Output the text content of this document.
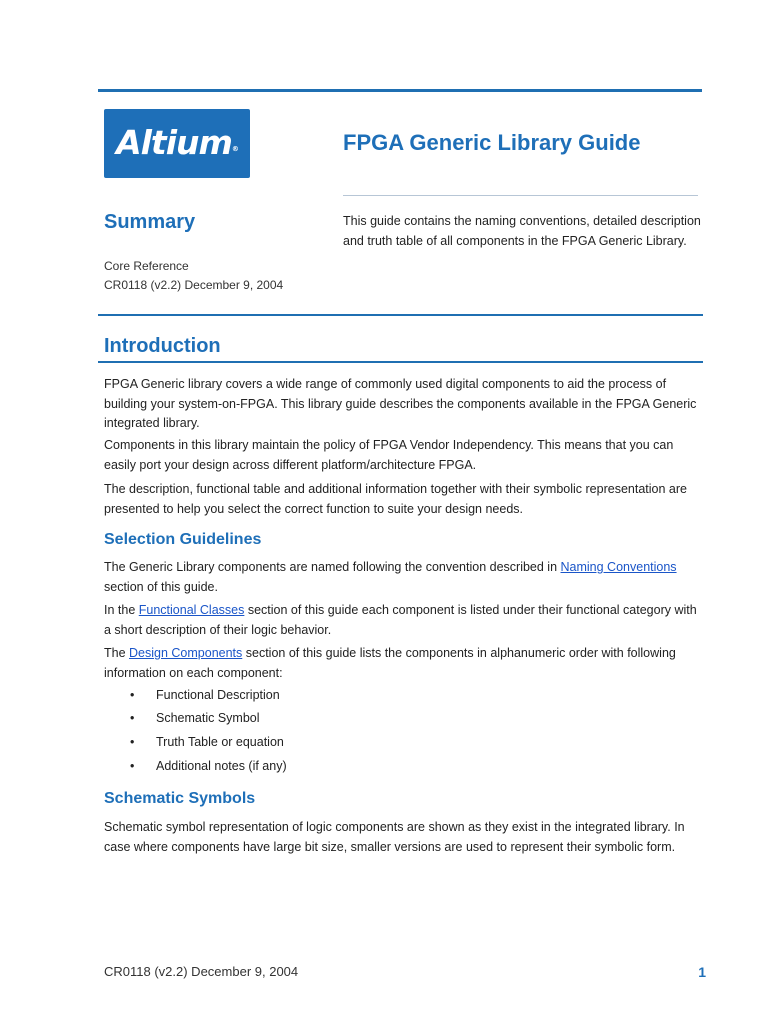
Altium®	FPGA Generic Library Guide
Summary
Core Reference
CR0118 (v2.2) December 9, 2004
This guide contains the naming conventions, detailed description and truth table of all components in the FPGA Generic Library.
Introduction
FPGA Generic library covers a wide range of commonly used digital components to aid the process of building your system-on-FPGA. This library guide describes the components available in the FPGA Generic integrated library.
Components in this library maintain the policy of FPGA Vendor Independency. This means that you can easily port your design across different platform/architecture FPGA.
The description, functional table and additional information together with their symbolic representation are presented to help you select the correct function to suite your design needs.
Selection Guidelines
The Generic Library components are named following the convention described in Naming Conventions section of this guide.
In the Functional Classes section of this guide each component is listed under their functional category with a short description of their logic behavior.
The Design Components section of this guide lists the components in alphanumeric order with following information on each component:
• Functional Description
• Schematic Symbol
• Truth Table or equation
• Additional notes (if any)
Schematic Symbols
Schematic symbol representation of logic components are shown as they exist in the integrated library. In case where components have large bit size, smaller versions are used to represent their symbolic form.
CR0118 (v2.2) December 9, 2004	1
